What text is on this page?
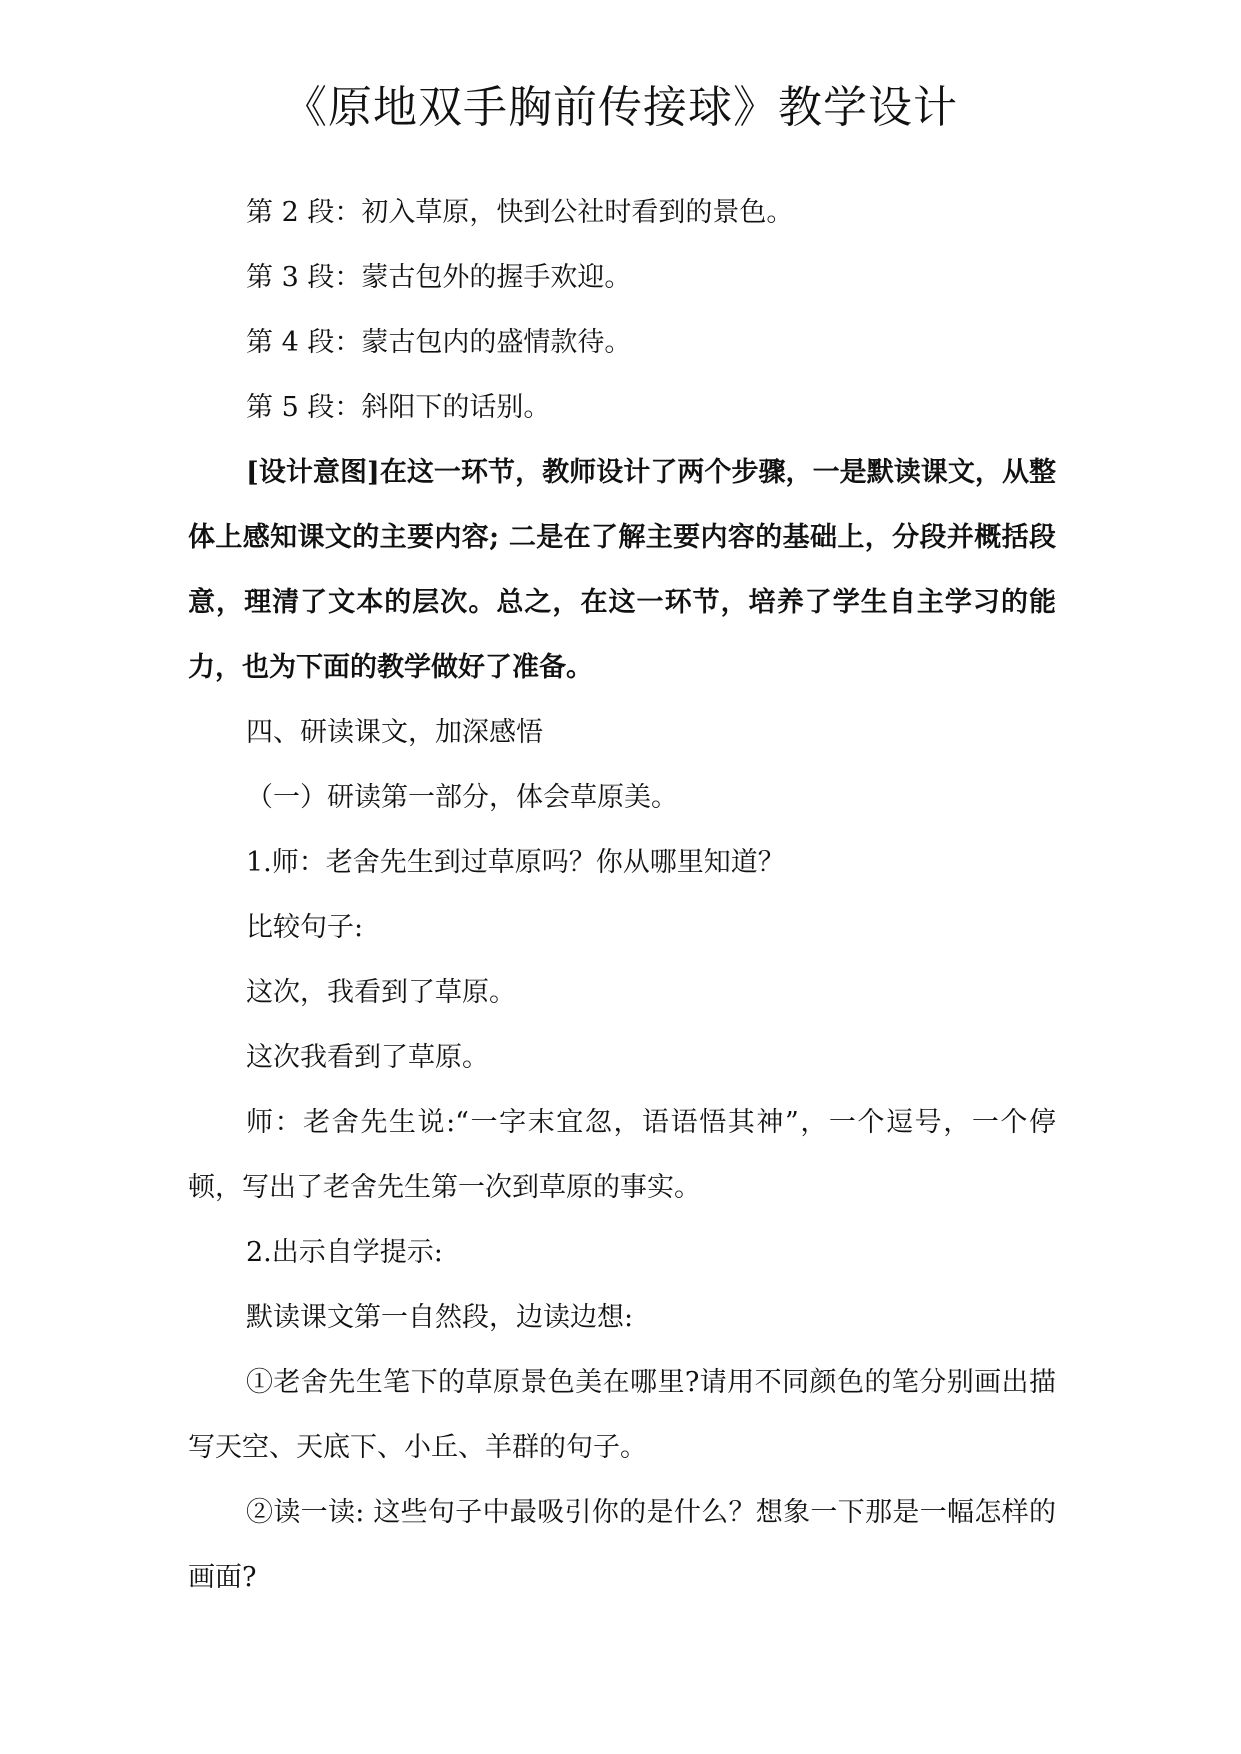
《原地双手胸前传接球》教学设计

第 2 段：初入草原，快到公社时看到的景色。

第 3 段：蒙古包外的握手欢迎。

第 4 段：蒙古包内的盛情款待。

第 5 段：斜阳下的话别。

[设计意图]在这一环节，教师设计了两个步骤，一是默读课文，从整体上感知课文的主要内容; 二是在了解主要内容的基础上，分段并概括段意，理清了文本的层次。总之，在这一环节，培养了学生自主学习的能力，也为下面的教学做好了准备。

四、研读课文，加深感悟

（一）研读第一部分，体会草原美。

1.师：老舍先生到过草原吗？你从哪里知道？

比较句子:

这次，我看到了草原。

这次我看到了草原。

师：老舍先生说:“一字末宜忽，语语悟其神”，一个逗号，一个停顿，写出了老舍先生第一次到草原的事实。

2.出示自学提示:

默读课文第一自然段，边读边想:

①老舍先生笔下的草原景色美在哪里?请用不同颜色的笔分别画出描写天空、天底下、小丘、羊群的句子。

②读一读: 这些句子中最吸引你的是什么？想象一下那是一幅怎样的画面?
